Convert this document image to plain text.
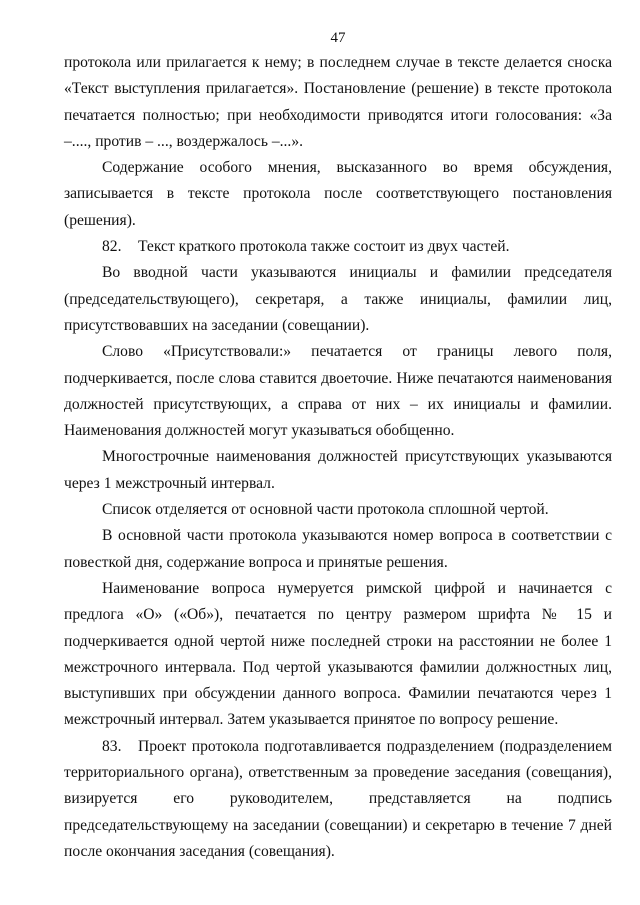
47

протокола или прилагается к нему; в последнем случае в тексте делается сноска «Текст выступления прилагается». Постановление (решение) в тексте протокола печатается полностью; при необходимости приводятся итоги голосования: «За –...., против – ..., воздержалось –...».

Содержание особого мнения, высказанного во время обсуждения, записывается в тексте протокола после соответствующего постановления (решения).

82. Текст краткого протокола также состоит из двух частей.

Во вводной части указываются инициалы и фамилии председателя (председательствующего), секретаря, а также инициалы, фамилии лиц, присутствовавших на заседании (совещании).

Слово «Присутствовали:» печатается от границы левого поля, подчеркивается, после слова ставится двоеточие. Ниже печатаются наименования должностей присутствующих, а справа от них – их инициалы и фамилии. Наименования должностей могут указываться обобщенно.

Многострочные наименования должностей присутствующих указываются через 1 межстрочный интервал.

Список отделяется от основной части протокола сплошной чертой.

В основной части протокола указываются номер вопроса в соответствии с повесткой дня, содержание вопроса и принятые решения.

Наименование вопроса нумеруется римской цифрой и начинается с предлога «О» («Об»), печатается по центру размером шрифта № 15 и подчеркивается одной чертой ниже последней строки на расстоянии не более 1 межстрочного интервала. Под чертой указываются фамилии должностных лиц, выступивших при обсуждении данного вопроса. Фамилии печатаются через 1 межстрочный интервал. Затем указывается принятое по вопросу решение.

83. Проект протокола подготавливается подразделением (подразделением территориального органа), ответственным за проведение заседания (совещания), визируется его руководителем, представляется на подпись председательствующему на заседании (совещании) и секретарю в течение 7 дней после окончания заседания (совещания).
